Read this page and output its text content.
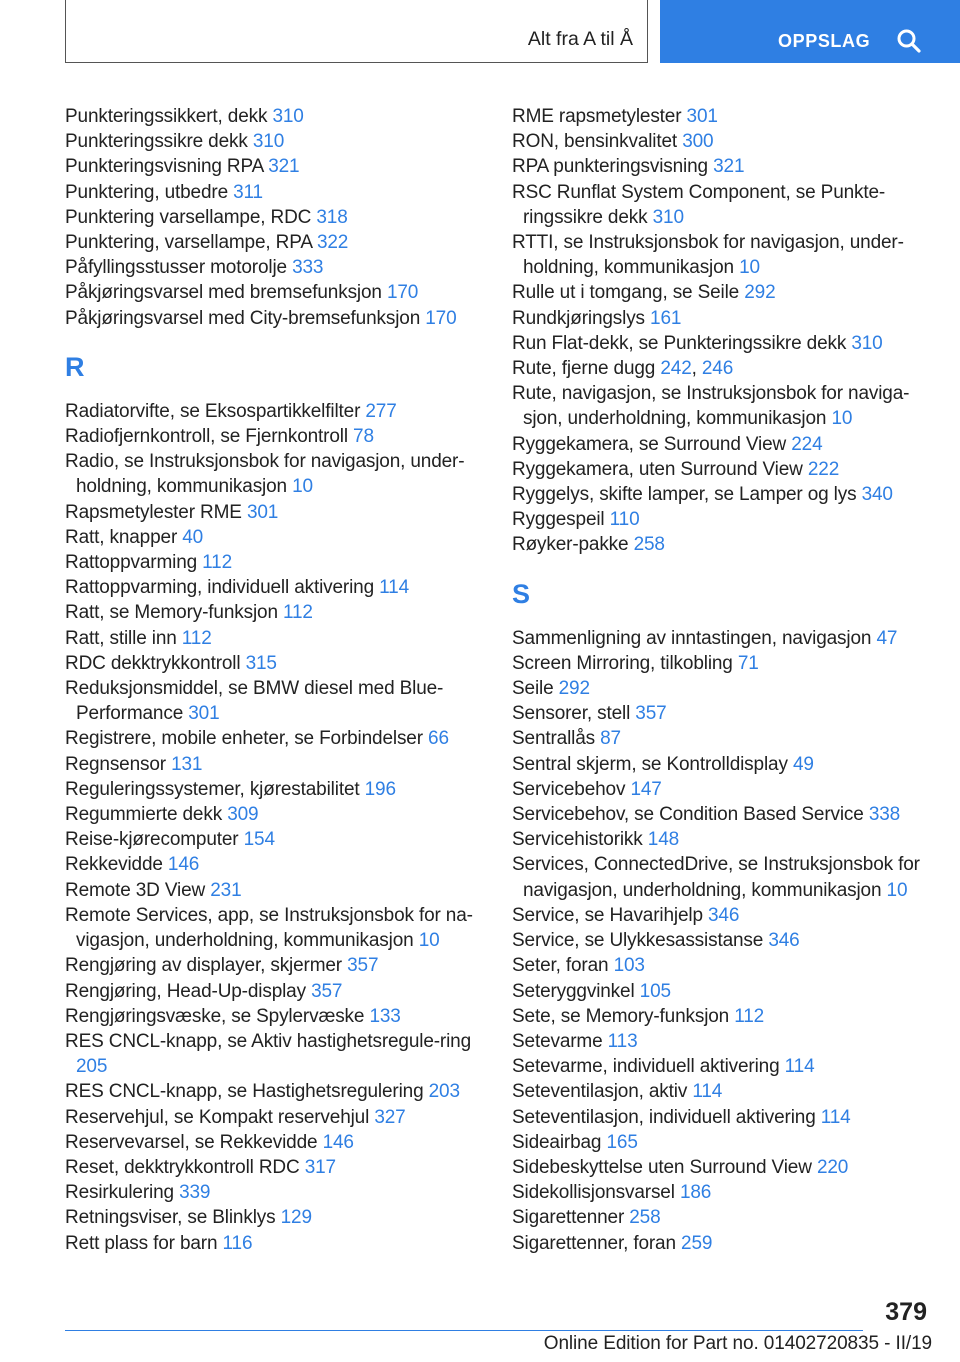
Alt fra A til Å	OPPSLAG
Punkteringssikkert, dekk 310
Punkteringssikre dekk 310
Punkteringsvisning RPA 321
Punktering, utbedre 311
Punktering varsellampe, RDC 318
Punktering, varsellampe, RPA 322
Påfyllingsstusser motorolje 333
Påkjøringsvarsel med bremsefunksjon 170
Påkjøringsvarsel med City-bremsefunksjon 170
R
Radiatorvifte, se Eksospartikkelfilter 277
Radiofjernkontroll, se Fjernkontroll 78
Radio, se Instruksjonsbok for navigasjon, under‐holdning, kommunikasjon 10
Rapsmetylester RME 301
Ratt, knapper 40
Rattoppvarming 112
Rattoppvarming, individuell aktivering 114
Ratt, se Memory-funksjon 112
Ratt, stille inn 112
RDC dekktrykkontroll 315
Reduksjonsmiddel, se BMW diesel med Blue‐Performance 301
Registrere, mobile enheter, se Forbindelser 66
Regnsensor 131
Reguleringssystemer, kjørestabilitet 196
Regummierte dekk 309
Reise-kjørecomputer 154
Rekkevidde 146
Remote 3D View 231
Remote Services, app, se Instruksjonsbok for na‐vigasjon, underholdning, kommunikasjon 10
Rengjøring av displayer, skjermer 357
Rengjøring, Head-Up-display 357
Rengjøringsvæske, se Spylervæske 133
RES CNCL-knapp, se Aktiv hastighetsregule‐ring 205
RES CNCL-knapp, se Hastighetsregulering 203
Reservehjul, se Kompakt reservehjul 327
Reservevarsel, se Rekkevidde 146
Reset, dekktrykkontroll RDC 317
Resirkulering 339
Retningsviser, se Blinklys 129
Rett plass for barn 116
RME rapsmetylester 301
RON, bensinkvalitet 300
RPA punkteringsvisning 321
RSC Runflat System Component, se Punkte‐ringssikre dekk 310
RTTI, se Instruksjonsbok for navigasjon, under‐holdning, kommunikasjon 10
Rulle ut i tomgang, se Seile 292
Rundkjøringslys 161
Run Flat-dekk, se Punkteringssikre dekk 310
Rute, fjerne dugg 242, 246
Rute, navigasjon, se Instruksjonsbok for naviga‐sjon, underholdning, kommunikasjon 10
Ryggekamera, se Surround View 224
Ryggekamera, uten Surround View 222
Ryggelys, skifte lamper, se Lamper og lys 340
Ryggespeil 110
Røyker-pakke 258
S
Sammenligning av inntastingen, navigasjon 47
Screen Mirroring, tilkobling 71
Seile 292
Sensorer, stell 357
Sentrallås 87
Sentral skjerm, se Kontrolldisplay 49
Servicebehov 147
Servicebehov, se Condition Based Service 338
Servicehistorikk 148
Services, ConnectedDrive, se Instruksjonsbok for navigasjon, underholdning, kommunikasjon 10
Service, se Havarihjelp 346
Service, se Ulykkesassistanse 346
Seter, foran 103
Seteryggvinkel 105
Sete, se Memory-funksjon 112
Setevarme 113
Setevarme, individuell aktivering 114
Seteventilasjon, aktiv 114
Seteventilasjon, individuell aktivering 114
Sideairbag 165
Sidebeskyttelse uten Surround View 220
Sidekollisjonsvarsel 186
Sigarettenner 258
Sigarettenner, foran 259
379
Online Edition for Part no. 01402720835 - II/19
